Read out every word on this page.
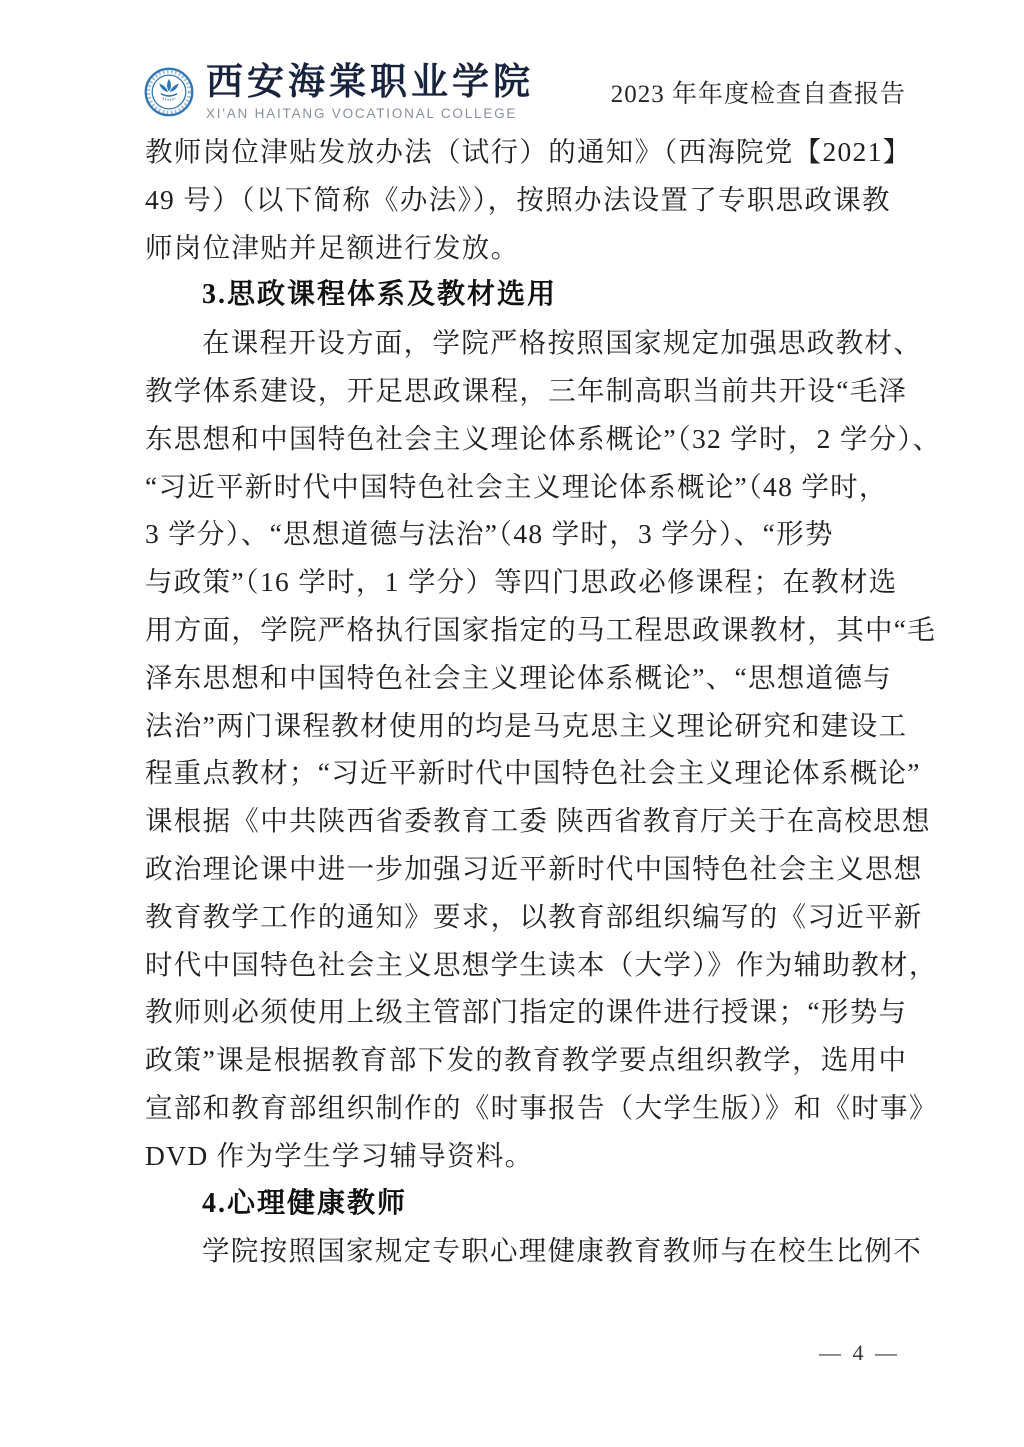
西安海棠职业学院
XI'AN HAITANG VOCATIONAL COLLEGE
2023 年年度检查自查报告
教师岗位津贴发放办法（试行）的通知》（西海院党【2021】
49 号）（以下简称《办法》），按照办法设置了专职思政课教
师岗位津贴并足额进行发放。
3.思政课程体系及教材选用
在课程开设方面，学院严格按照国家规定加强思政教材、
教学体系建设，开足思政课程，三年制高职当前共开设“毛泽
东思想和中国特色社会主义理论体系概论”（32 学时，2 学分）、
“习近平新时代中国特色社会主义理论体系概论”（48 学时，
3 学分）、“思想道德与法治”（48 学时，3 学分）、“形势
与政策”（16 学时，1 学分）等四门思政必修课程；在教材选
用方面，学院严格执行国家指定的马工程思政课教材，其中“毛
泽东思想和中国特色社会主义理论体系概论”、“思想道德与
法治”两门课程教材使用的均是马克思主义理论研究和建设工
程重点教材；“习近平新时代中国特色社会主义理论体系概论”
课根据《中共陕西省委教育工委 陕西省教育厅关于在高校思想
政治理论课中进一步加强习近平新时代中国特色社会主义思想
教育教学工作的通知》要求，以教育部组织编写的《习近平新
时代中国特色社会主义思想学生读本（大学）》作为辅助教材，
教师则必须使用上级主管部门指定的课件进行授课；“形势与
政策”课是根据教育部下发的教育教学要点组织教学，选用中
宣部和教育部组织制作的《时事报告（大学生版）》和《时事》
DVD 作为学生学习辅导资料。
4.心理健康教师
学院按照国家规定专职心理健康教育教师与在校生比例不
— 4 —
